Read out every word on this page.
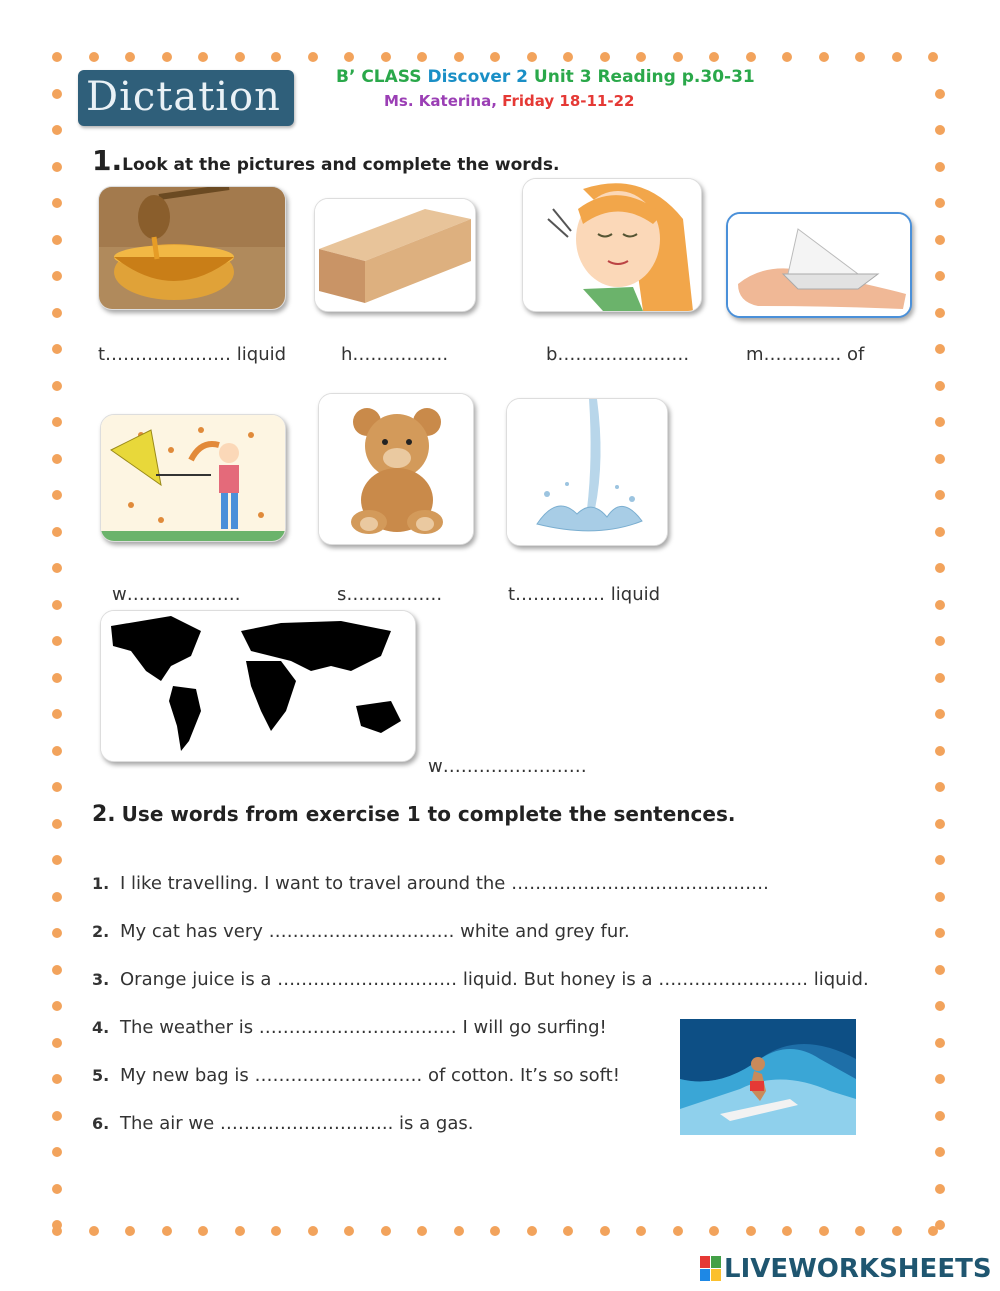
Dictation	B’ CLASS Discover 2 Unit 3 Reading p.30-31
Ms. Katerina, Friday 18-11-22
1.Look at the pictures and complete the words.
t………………… liquid	h…………….	b………………….	m…………. of
w……………….	s…………….	t…………… liquid
w……………………
2. Use words from exercise 1 to complete the sentences.
1. I like travelling. I want to travel around the …………………………………….
2. My cat has very …………………………. white and grey fur.
3. Orange juice is a ………………………… liquid. But honey is a ……………………. liquid.
4. The weather is …………………………… I will go surfing!
5. My new bag is ………………………. of cotton. It’s so soft!
6. The air we ……………………….. is a gas.
LIVEWORKSHEETS
